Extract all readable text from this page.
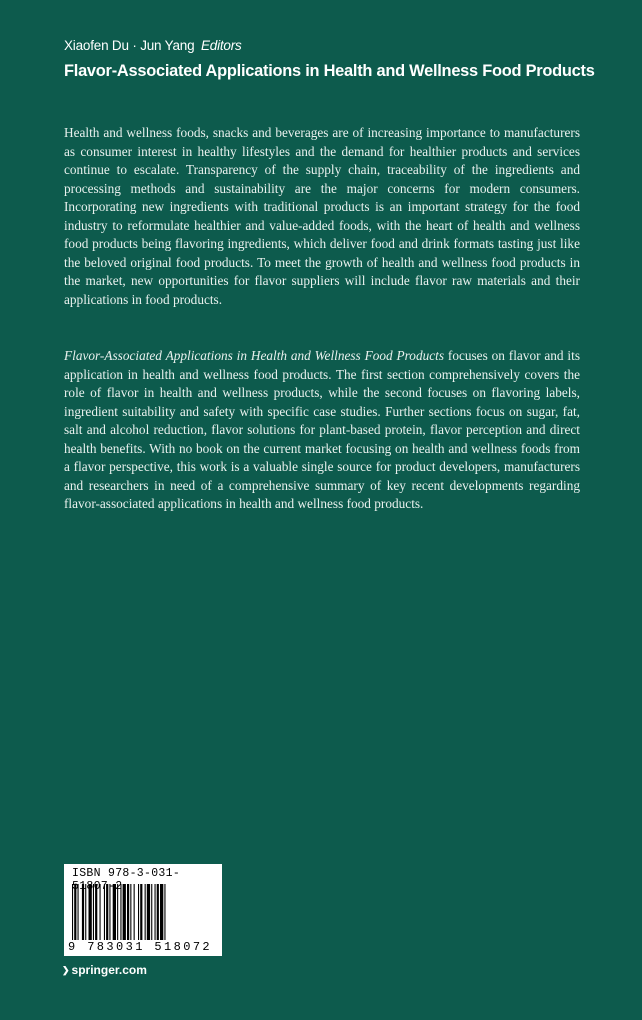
Xiaofen Du · Jun Yang Editors
Flavor-Associated Applications in Health and Wellness Food Products

Health and wellness foods, snacks and beverages are of increasing importance to manufacturers as consumer interest in healthy lifestyles and the demand for healthier products and services continue to escalate. Transparency of the supply chain, traceability of the ingredients and processing methods and sustainability are the major concerns for modern consumers. Incorporating new ingredients with traditional products is an important strategy for the food industry to reformulate healthier and value-added foods, with the heart of health and wellness food products being flavoring ingredients, which deliver food and drink formats tasting just like the beloved original food products. To meet the growth of health and wellness food products in the market, new opportunities for flavor suppliers will include flavor raw materials and their applications in food products.

Flavor-Associated Applications in Health and Wellness Food Products focuses on flavor and its application in health and wellness food products. The first section comprehensively covers the role of flavor in health and wellness products, while the second focuses on flavoring labels, ingredient suitability and safety with specific case studies. Further sections focus on sugar, fat, salt and alcohol reduction, flavor solutions for plant-based protein, flavor perception and direct health benefits. With no book on the current market focusing on health and wellness foods from a flavor perspective, this work is a valuable single source for product developers, manufacturers and researchers in need of a comprehensive summary of key recent developments regarding flavor-associated applications in health and wellness food products.

ISBN 978-3-031-51807-2
9 783031 518072
❯ springer.com
